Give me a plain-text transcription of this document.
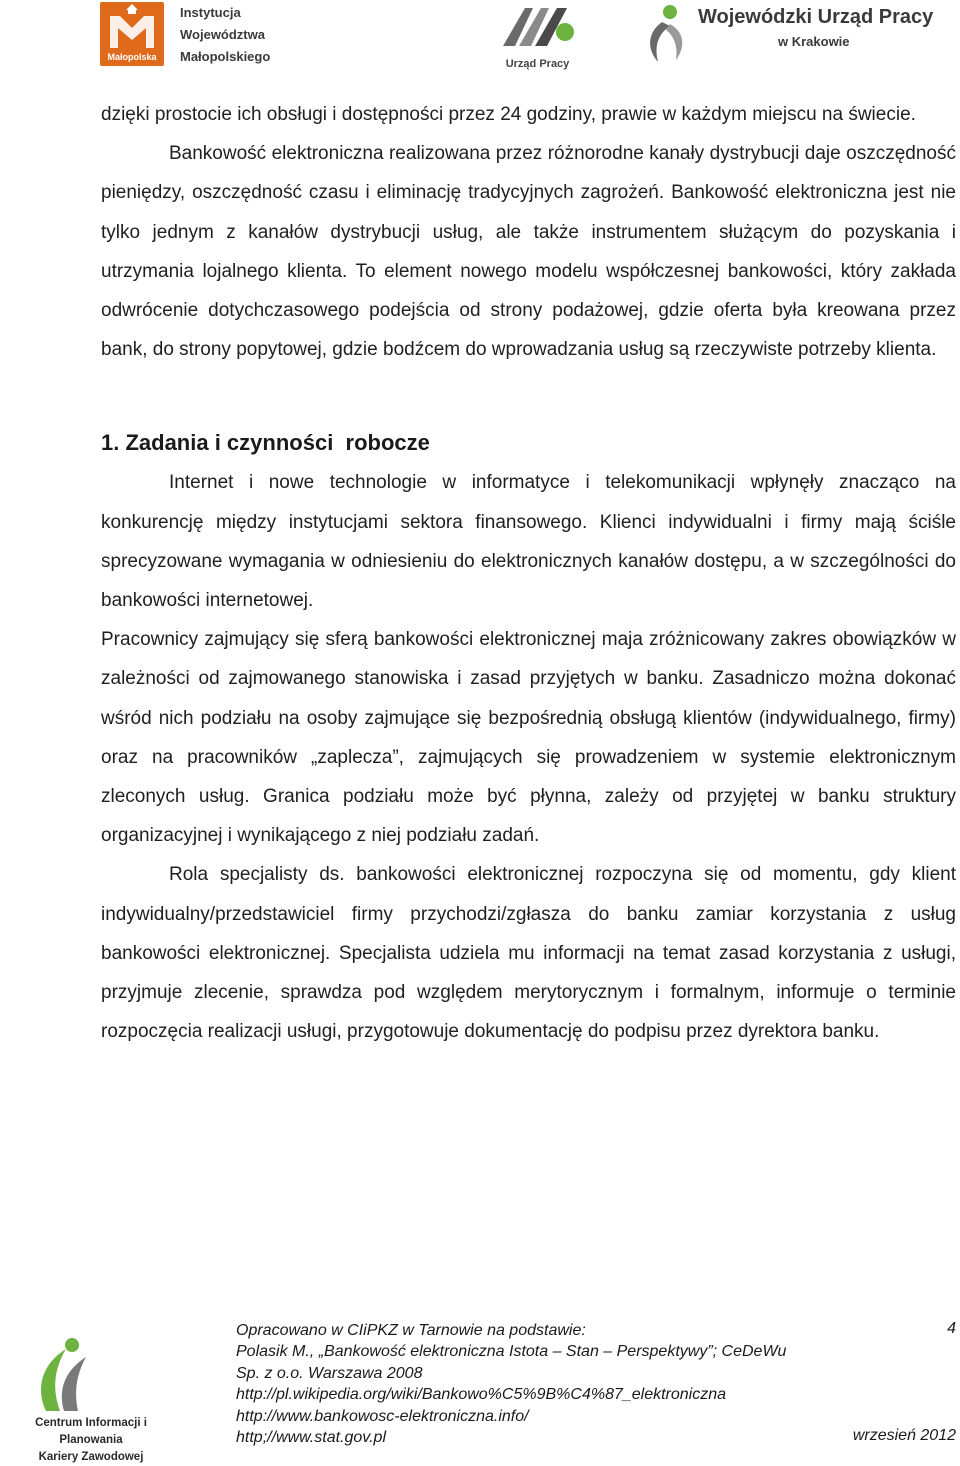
Małopolska
Instytucja
Województwa
Małopolskiego	Urząd Pracy
Wojewódzki Urząd Pracy
w Krakowie

dzięki prostocie ich obsługi i dostępności przez 24 godziny, prawie w każdym miejscu na świecie.

Bankowość elektroniczna realizowana przez różnorodne kanały dystrybucji daje oszczędność pieniędzy, oszczędność czasu i eliminację tradycyjnych zagrożeń. Bankowość elektroniczna jest nie tylko jednym z kanałów dystrybucji usług, ale także instrumentem służącym do pozyskania i utrzymania lojalnego klienta. To element nowego modelu współczesnej bankowości, który zakłada odwrócenie dotychczasowego podejścia od strony podażowej, gdzie oferta była kreowana przez bank, do strony popytowej, gdzie bodźcem do wprowadzania usług są rzeczywiste potrzeby klienta.

1. Zadania i czynności  robocze

Internet i nowe technologie w informatyce i telekomunikacji wpłynęły znacząco na konkurencję między instytucjami sektora finansowego. Klienci indywidualni i firmy mają ściśle sprecyzowane wymagania w odniesieniu do elektronicznych kanałów dostępu, a w szczególności do bankowości internetowej.

Pracownicy zajmujący się sferą bankowości elektronicznej maja zróżnicowany zakres obowiązków w zależności od zajmowanego stanowiska i zasad przyjętych w banku. Zasadniczo można dokonać wśród nich podziału na osoby zajmujące się bezpośrednią obsługą klientów (indywidualnego, firmy) oraz na pracowników „zaplecza”, zajmujących się prowadzeniem w systemie elektronicznym zleconych usług. Granica podziału może być płynna, zależy od przyjętej w banku struktury organizacyjnej i wynikającego z niej podziału zadań.

Rola specjalisty ds. bankowości elektronicznej rozpoczyna się od momentu, gdy klient indywidualny/przedstawiciel firmy przychodzi/zgłasza do banku zamiar korzystania z usług bankowości elektronicznej. Specjalista udziela mu informacji na temat zasad korzystania z usługi, przyjmuje zlecenie, sprawdza pod względem merytorycznym i formalnym, informuje o terminie rozpoczęcia realizacji usługi, przygotowuje dokumentację do podpisu przez dyrektora banku.

Centrum Informacji i Planowania
Kariery Zawodowej
Opracowano w CIiPKZ w Tarnowie na podstawie:
Polasik M., „Bankowość elektroniczna Istota – Stan – Perspektywy”; CeDeWu
Sp. z o.o. Warszawa 2008
http://pl.wikipedia.org/wiki/Bankowo%C5%9B%C4%87_elektroniczna
http://www.bankowosc-elektroniczna.info/
http;//www.stat.gov.pl
4
wrzesień 2012
